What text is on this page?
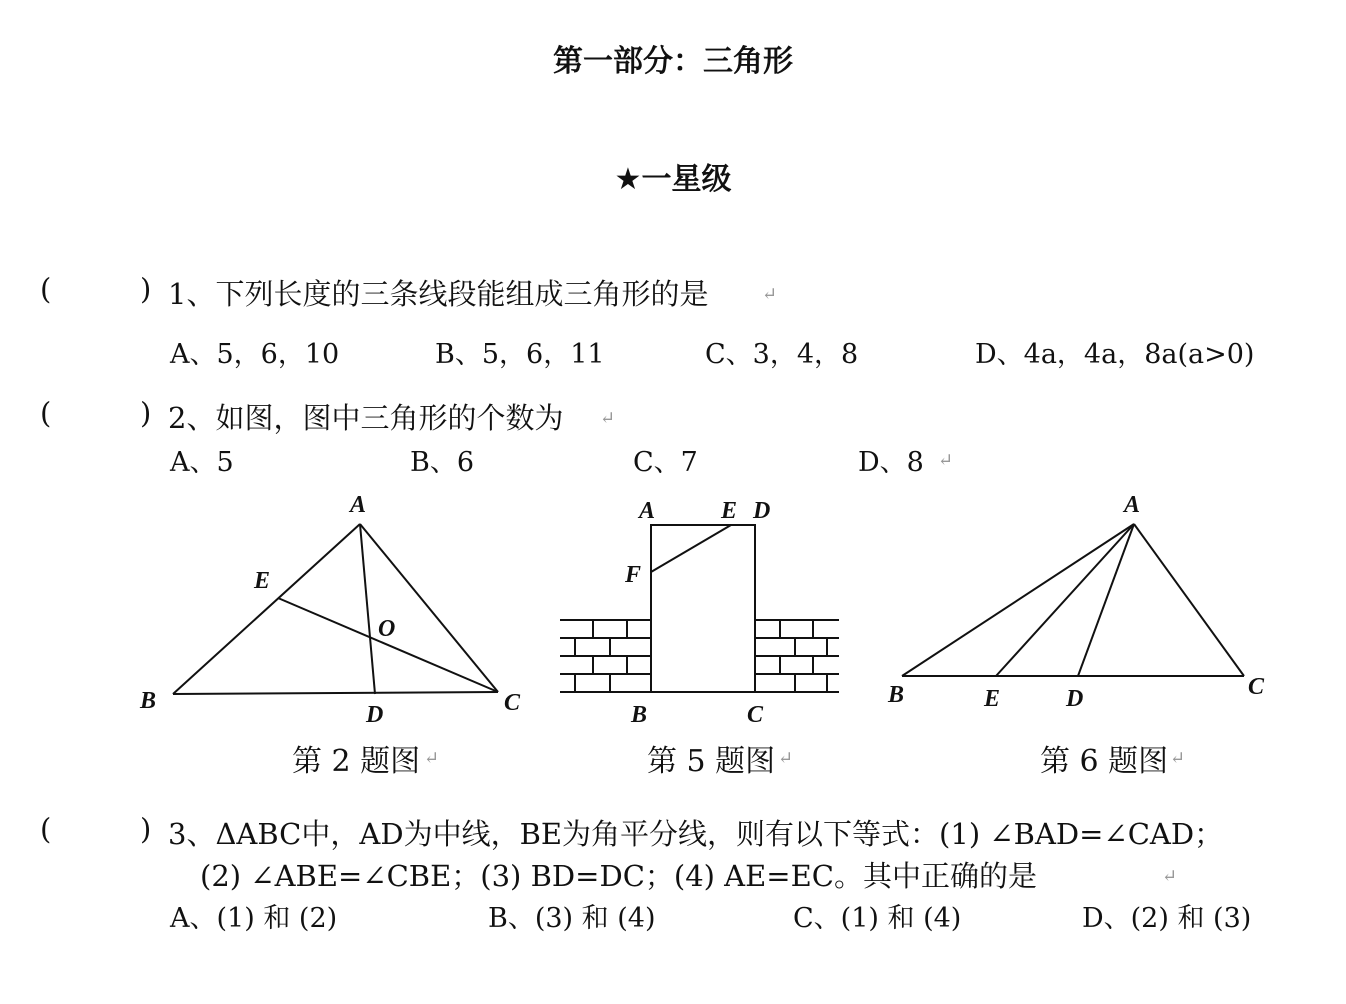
第一部分：三角形
★一星级
(	) 1、下列长度的三条线段能组成三角形的是	↵
A、5，6，10	B、5，6，11	C、3，4，8	D、4a，4a，8a(a>0)
(	) 2、如图，图中三角形的个数为 ↵
A、5	B、6	C、7	D、8 ↵
A
B	C
D
E
O
第 2 题图 ↵
A	E D
F
B	C
第 5 题图 ↵
A
B	E	D	C
第 6 题图 ↵
(	) 3、ΔABC中，AD为中线，BE为角平分线，则有以下等式：(1) ∠BAD=∠CAD；
(2) ∠ABE=∠CBE；(3) BD=DC；(4) AE=EC。其中正确的是	↵
A、(1) 和 (2)	B、(3) 和 (4)	C、(1) 和 (4)	D、(2) 和 (3)
